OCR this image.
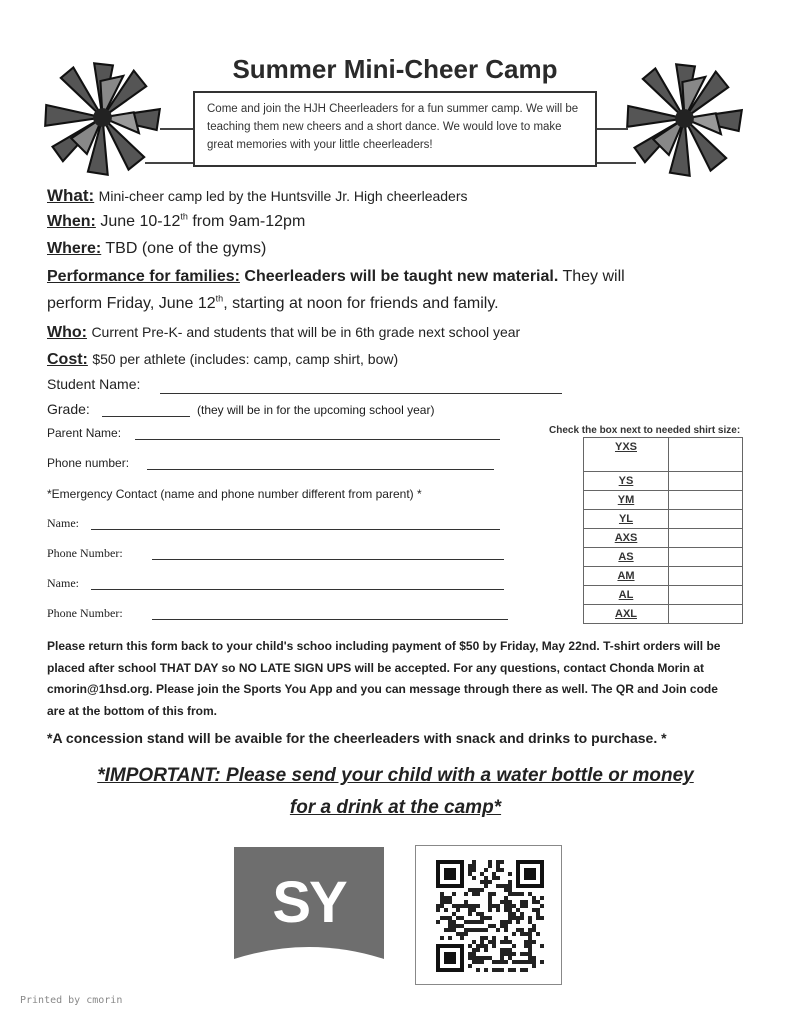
Summer Mini-Cheer Camp
Come and join the HJH Cheerleaders for a fun summer camp. We will be teaching them new cheers and a short dance. We would love to make great memories with your little cheerleaders!
What: Mini-cheer camp led by the Huntsville Jr. High cheerleaders
When: June 10-12th from 9am-12pm
Where: TBD (one of the gyms)
Performance for families: Cheerleaders will be taught new material. They will
perform Friday, June 12th, starting at noon for friends and family.
Who: Current Pre-K- and students that will be in 6th grade next school year
Cost: $50 per athlete (includes: camp, camp shirt, bow)
Student Name:
Grade:	(they will be in for the upcoming school year)
Parent Name:
Phone number:
*Emergency Contact (name and phone number different from parent) *
Name:
Phone Number:
Name:
Phone Number:
Check the box next to needed shirt size:
YXS	
YS	
YM	
YL	
AXS	
AS	
AM	
AL	
AXL	
Please return this form back to your child's schoo including payment of $50 by Friday, May 22nd. T-shirt orders will be placed after school THAT DAY so NO LATE SIGN UPS will be accepted. For any questions, contact Chonda Morin at cmorin@1hsd.org. Please join the Sports You App and you can message through there as well. The QR and Join code are at the bottom of this from.
*A concession stand will be avaible for the cheerleaders with snack and drinks to purchase. *
*IMPORTANT: Please send your child with a water bottle or money
for a drink at the camp*
SY
Printed by cmorin
